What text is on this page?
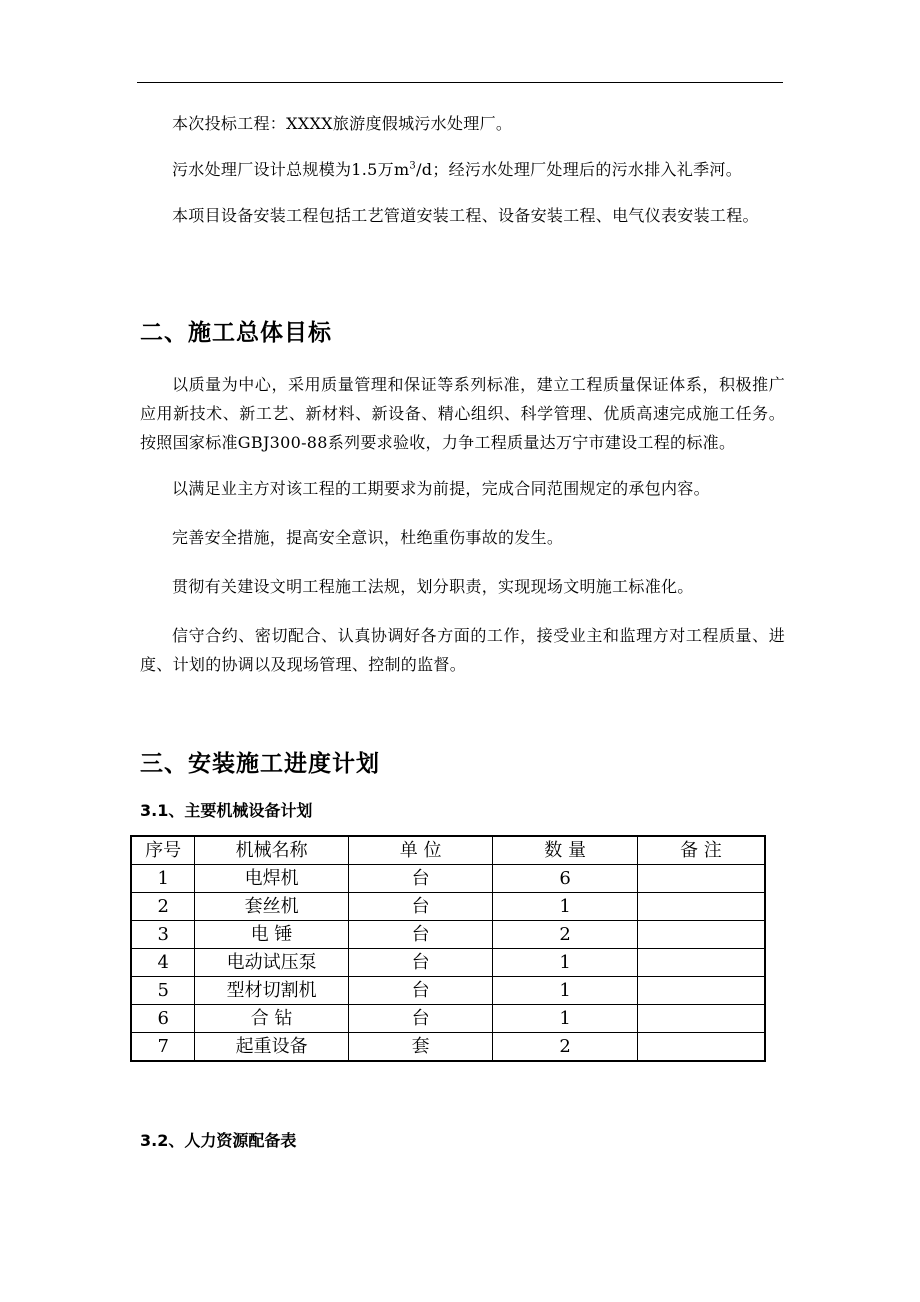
本次投标工程：XXXX旅游度假城污水处理厂。

污水处理厂设计总规模为1.5万$m^3/d$；经污水处理厂处理后的污水排入礼季河。

本项目设备安装工程包括工艺管道安装工程、设备安装工程、电气仪表安装工程。

二、施工总体目标

以质量为中心，采用质量管理和保证等系列标准，建立工程质量保证体系，积极推广应用新技术、新工艺、新材料、新设备、精心组织、科学管理、优质高速完成施工任务。按照国家标准GBJ300-88系列要求验收，力争工程质量达万宁市建设工程的标准。

以满足业主方对该工程的工期要求为前提，完成合同范围规定的承包内容。

完善安全措施，提高安全意识，杜绝重伤事故的发生。

贯彻有关建设文明工程施工法规，划分职责，实现现场文明施工标准化。

信守合约、密切配合、认真协调好各方面的工作，接受业主和监理方对工程质量、进度、计划的协调以及现场管理、控制的监督。

三、安装施工进度计划
3.1、主要机械设备计划
序号	机械名称	单 位	数 量	备 注
1	电焊机	台	6	
2	套丝机	台	1	
3	电 锤	台	2	
4	电动试压泵	台	1	
5	型材切割机	台	1	
6	合 钻	台	1	
7	起重设备	套	2	
3.2、人力资源配备表
